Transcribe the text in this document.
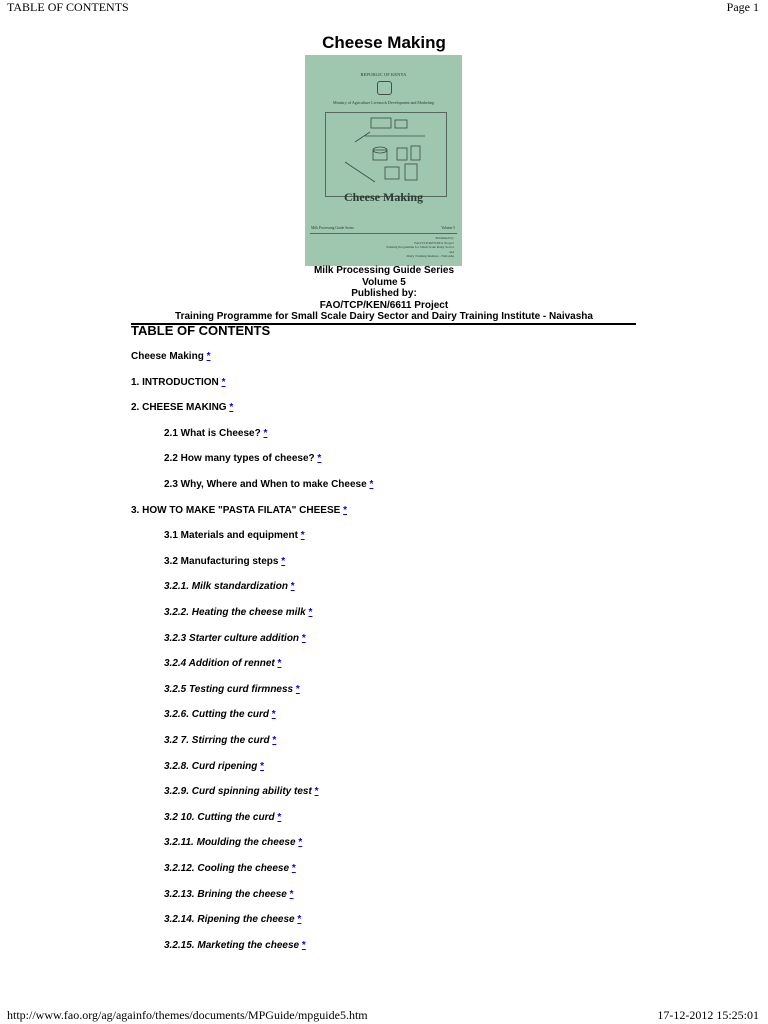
TABLE OF CONTENTS	Page 1
Cheese Making
REPUBLIC OF KENYA
Ministry of Agriculture Livestock Development and Marketing
Cheese Making
Milk Processing Guide Series	Volume 5
Published by:
FAO/TCP/KEN/6611 Project
Training Programme for Small Scale Dairy Sector
and
Dairy Training Institute - Naivasha
Milk Processing Guide Series
Volume 5
Published by:
FAO/TCP/KEN/6611 Project
Training Programme for Small Scale Dairy Sector and Dairy Training Institute - Naivasha
TABLE OF CONTENTS
Cheese Making *
1. INTRODUCTION *
2. CHEESE MAKING *
2.1 What is Cheese? *
2.2 How many types of cheese? *
2.3 Why, Where and When to make Cheese *
3. HOW TO MAKE "PASTA FILATA" CHEESE *
3.1 Materials and equipment *
3.2 Manufacturing steps *
3.2.1. Milk standardization *
3.2.2. Heating the cheese milk *
3.2.3 Starter culture addition *
3.2.4 Addition of rennet *
3.2.5 Testing curd firmness *
3.2.6. Cutting the curd *
3.2 7. Stirring the curd *
3.2.8. Curd ripening *
3.2.9. Curd spinning ability test *
3.2 10. Cutting the curd *
3.2.11. Moulding the cheese *
3.2.12. Cooling the cheese *
3.2.13. Brining the cheese *
3.2.14. Ripening the cheese *
3.2.15. Marketing the cheese *
http://www.fao.org/ag/againfo/themes/documents/MPGuide/mpguide5.htm	17-12-2012 15:25:01
